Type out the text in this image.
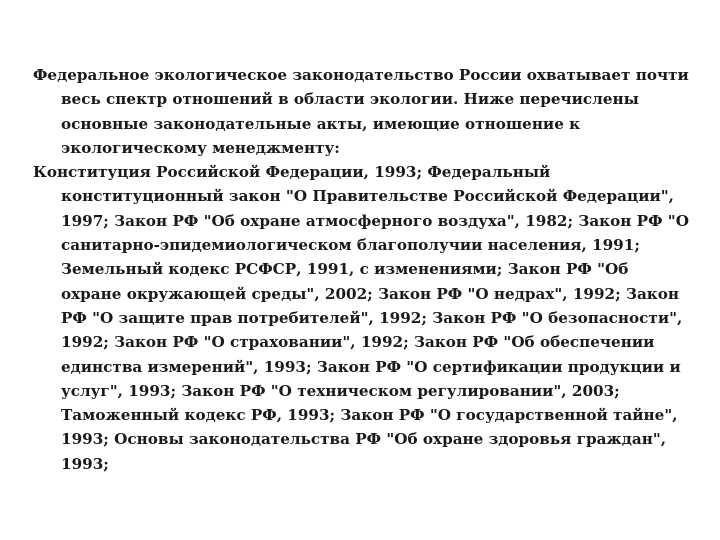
Федеральное экологическое законодательство России охватывает почти весь спектр отношений в области экологии. Ниже перечислены основные законодательные акты, имеющие отношение к экологическому менеджменту:

Конституция Российской Федерации, 1993; Федеральный конституционный закон "О Правительстве Российской Федерации", 1997; Закон РФ "Об охране атмосферного воздуха", 1982; Закон РФ "О санитарно-эпидемиологическом благополучии населения, 1991; Земельный кодекс РСФСР, 1991, с изменениями; Закон РФ "Об охране окружающей среды", 2002; Закон РФ "О недрах", 1992; Закон РФ "О защите прав потребителей", 1992; Закон РФ "О безопасности", 1992; Закон РФ "О страховании", 1992; Закон РФ "Об обеспечении единства измерений", 1993; Закон РФ "О сертификации продукции и услуг", 1993; Закон РФ "О техническом регулировании", 2003; Таможенный кодекс РФ, 1993; Закон РФ "О государственной тайне", 1993; Основы законодательства РФ "Об охране здоровья граждан", 1993;
